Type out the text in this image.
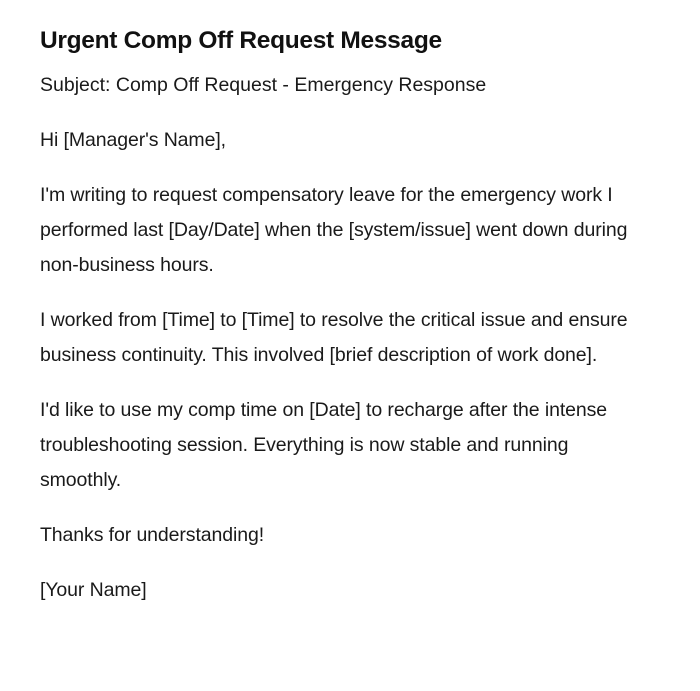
Urgent Comp Off Request Message

Subject: Comp Off Request - Emergency Response

Hi [Manager's Name],

I'm writing to request compensatory leave for the emergency work I performed last [Day/Date] when the [system/issue] went down during non-business hours.

I worked from [Time] to [Time] to resolve the critical issue and ensure business continuity. This involved [brief description of work done].

I'd like to use my comp time on [Date] to recharge after the intense troubleshooting session. Everything is now stable and running smoothly.

Thanks for understanding!

[Your Name]
